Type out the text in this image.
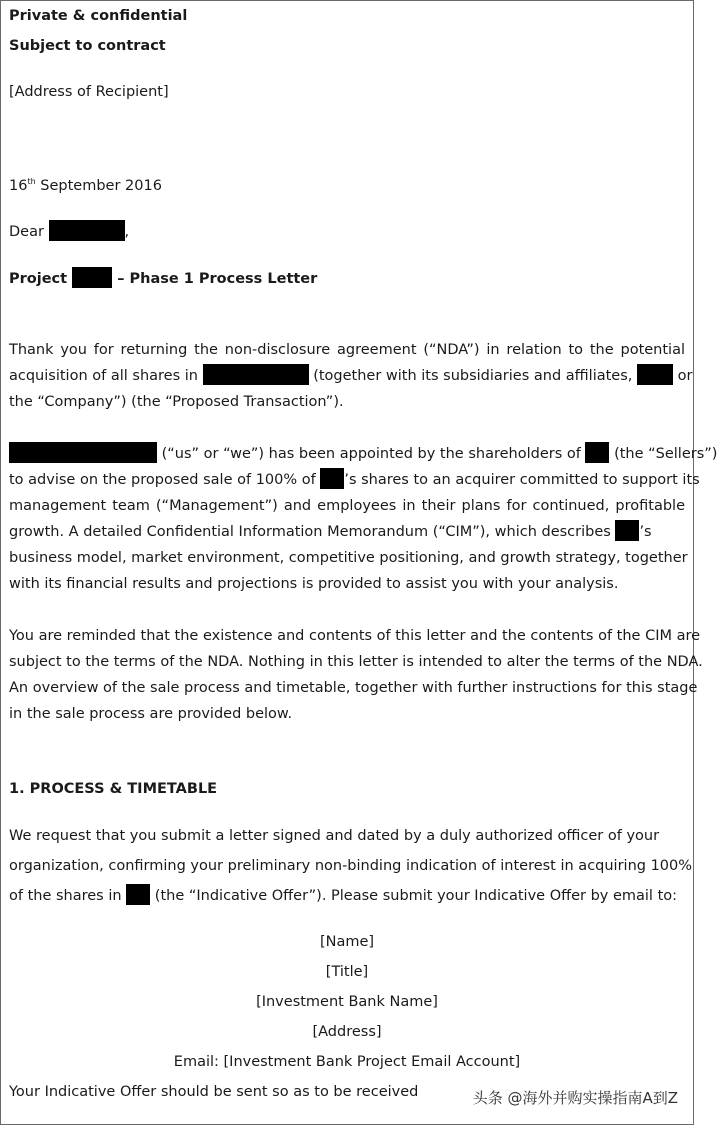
Private & confidential
Subject to contract
[Address of Recipient]
16th September 2016
Dear	,
Project	– Phase 1 Process Letter
Thank you for returning the non-disclosure agreement (“NDA”) in relation to the potential
acquisition of all shares in	(together with its subsidiaries and affiliates,	or
the “Company”) (the “Proposed Transaction”).
(“us” or “we”) has been appointed by the shareholders of (the “Sellers”)
to advise on the proposed sale of 100% of ’s shares to an acquirer committed to support its
management team (“Management”) and employees in their plans for continued, profitable
growth. A detailed Confidential Information Memorandum (“CIM”), which describes ’s
business model, market environment, competitive positioning, and growth strategy, together
with its financial results and projections is provided to assist you with your analysis.
You are reminded that the existence and contents of this letter and the contents of the CIM are
subject to the terms of the NDA. Nothing in this letter is intended to alter the terms of the NDA.
An overview of the sale process and timetable, together with further instructions for this stage
in the sale process are provided below.
1. PROCESS & TIMETABLE
We request that you submit a letter signed and dated by a duly authorized officer of your
organization, confirming your preliminary non-binding indication of interest in acquiring 100%
of the shares in (the “Indicative Offer”). Please submit your Indicative Offer by email to:
[Name]
[Title]
[Investment Bank Name]
[Address]
Email: [Investment Bank Project Email Account]
Your Indicative Offer should be sent so as to be received	头条 @海外并购实操指南A到Z
